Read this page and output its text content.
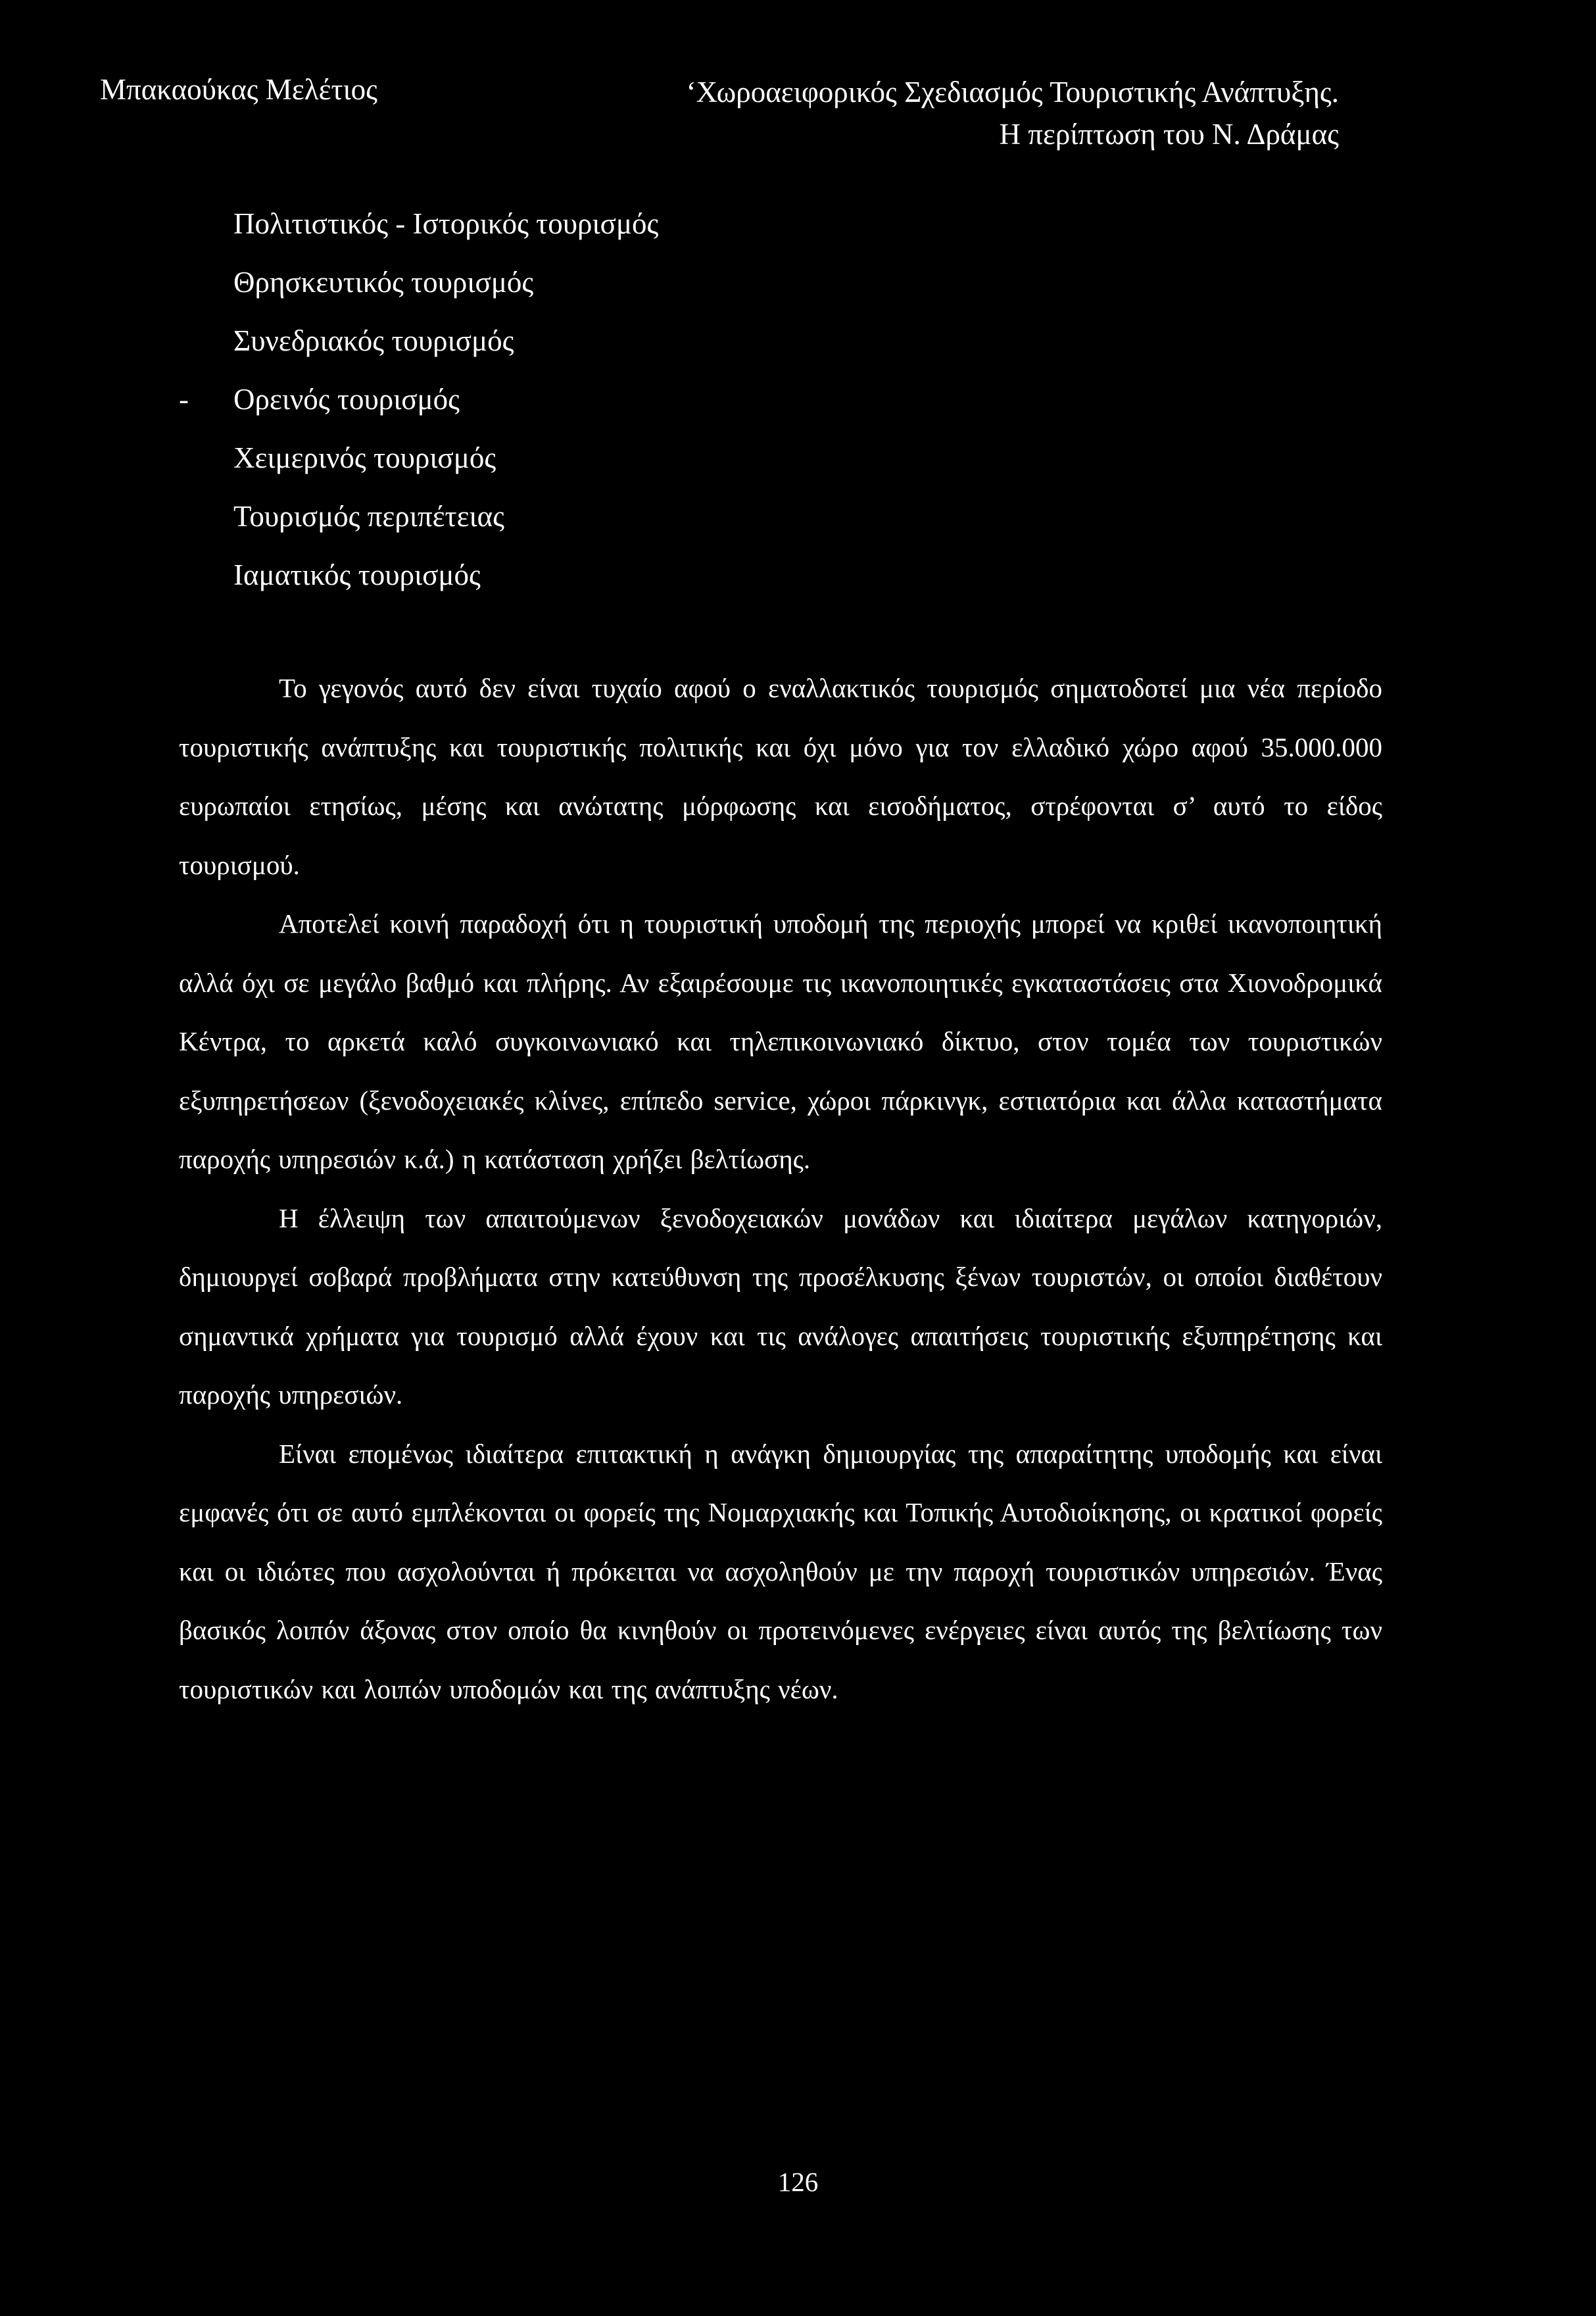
Μπακαούκας Μελέτιος	‘Χωροαειφορικός Σχεδιασμός Τουριστικής Ανάπτυξης.
Η περίπτωση του Ν. Δράμας
Πολιτιστικός - Ιστορικός τουρισμός
Θρησκευτικός τουρισμός
Συνεδριακός τουρισμός
- Ορεινός τουρισμός
Χειμερινός τουρισμός
Τουρισμός περιπέτειας
Ιαματικός τουρισμός

Το γεγονός αυτό δεν είναι τυχαίο αφού ο εναλλακτικός τουρισμός σηματοδοτεί μια νέα περίοδο τουριστικής ανάπτυξης και τουριστικής πολιτικής και όχι μόνο για τον ελλαδικό χώρο αφού 35.000.000 ευρωπαίοι ετησίως, μέσης και ανώτατης μόρφωσης και εισοδήματος, στρέφονται σ’ αυτό το είδος τουρισμού.

Αποτελεί κοινή παραδοχή ότι η τουριστική υποδομή της περιοχής μπορεί να κριθεί ικανοποιητική αλλά όχι σε μεγάλο βαθμό και πλήρης. Αν εξαιρέσουμε τις ικανοποιητικές εγκαταστάσεις στα Χιονοδρομικά Κέντρα, το αρκετά καλό συγκοινωνιακό και τηλεπικοινωνιακό δίκτυο, στον τομέα των τουριστικών εξυπηρετήσεων (ξενοδοχειακές κλίνες, επίπεδο service, χώροι πάρκινγκ, εστιατόρια και άλλα καταστήματα παροχής υπηρεσιών κ.ά.) η κατάσταση χρήζει βελτίωσης.

Η έλλειψη των απαιτούμενων ξενοδοχειακών μονάδων και ιδιαίτερα μεγάλων κατηγοριών, δημιουργεί σοβαρά προβλήματα στην κατεύθυνση της προσέλκυσης ξένων τουριστών, οι οποίοι διαθέτουν σημαντικά χρήματα για τουρισμό αλλά έχουν και τις ανάλογες απαιτήσεις τουριστικής εξυπηρέτησης και παροχής υπηρεσιών.

Είναι επομένως ιδιαίτερα επιτακτική η ανάγκη δημιουργίας της απαραίτητης υποδομής και είναι εμφανές ότι σε αυτό εμπλέκονται οι φορείς της Νομαρχιακής και Τοπικής Αυτοδιοίκησης, οι κρατικοί φορείς και οι ιδιώτες που ασχολούνται ή πρόκειται να ασχοληθούν με την παροχή τουριστικών υπηρεσιών. Ένας βασικός λοιπόν άξονας στον οποίο θα κινηθούν οι προτεινόμενες ενέργειες είναι αυτός της βελτίωσης των τουριστικών και λοιπών υποδομών και της ανάπτυξης νέων.

126
